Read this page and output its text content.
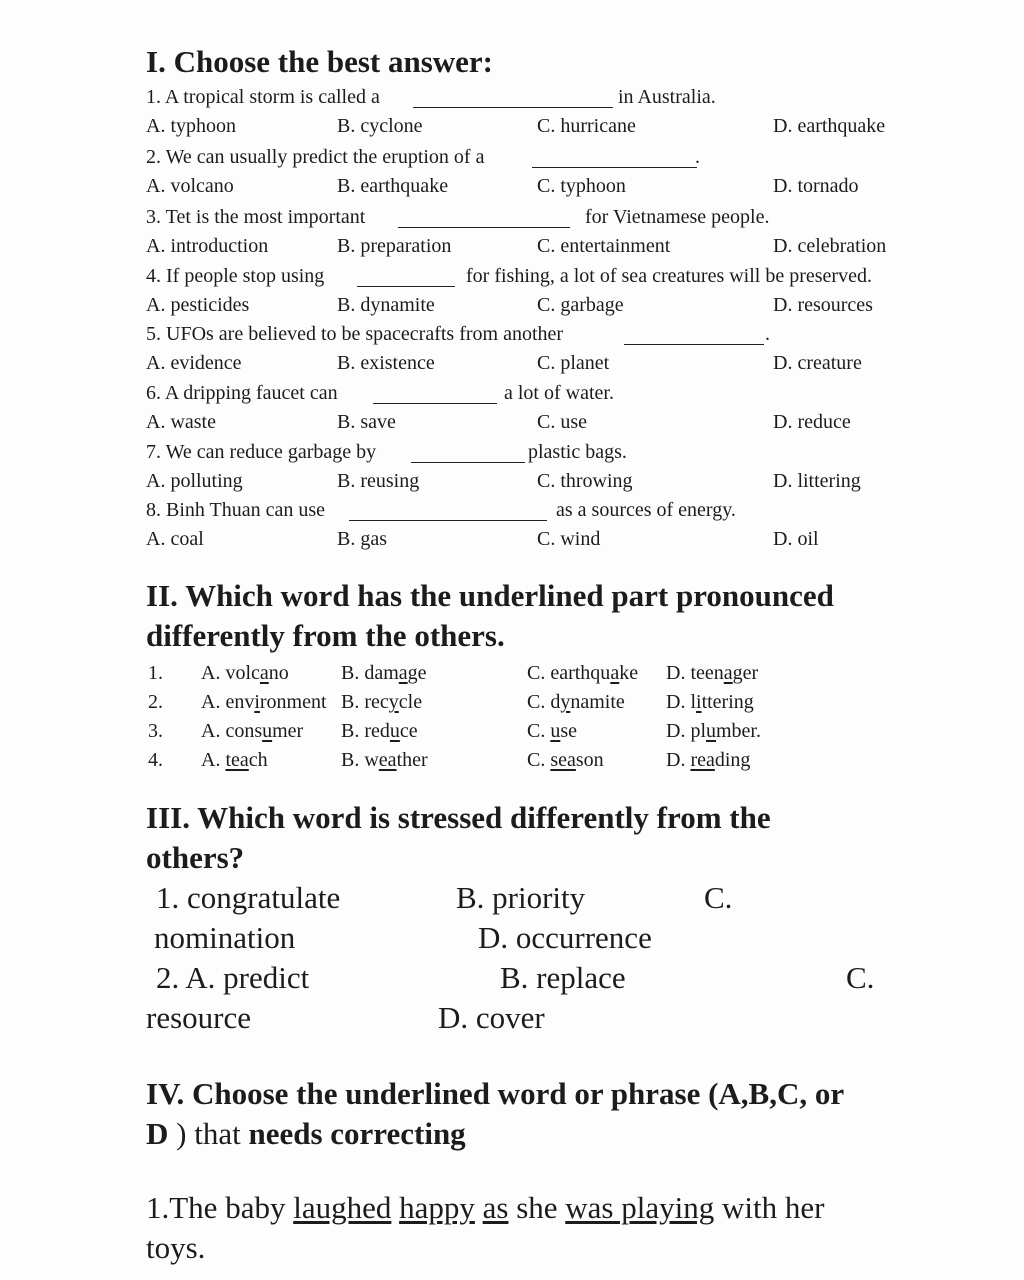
I. Choose the best answer:
1. A tropical storm is called a	in Australia.
A. typhoon	B. cyclone	C. hurricane	D. earthquake
2. We can usually predict the eruption of a	.
A. volcano	B. earthquake	C. typhoon	D. tornado
3. Tet is the most important	for Vietnamese people.
A. introduction	B. preparation	C. entertainment	D. celebration
4. If people stop using	for fishing, a lot of sea creatures will be preserved.
A. pesticides	B. dynamite	C. garbage	D. resources
5. UFOs are believed to be spacecrafts from another	.
A. evidence	B. existence	C. planet	D. creature
6. A dripping faucet can	a lot of water.
A. waste	B. save	C. use	D. reduce
7. We can reduce garbage by	plastic bags.
A. polluting	B. reusing	C. throwing	D. littering
8. Binh Thuan can use	as a sources of energy.
A. coal	B. gas	C. wind	D. oil
II. Which word has the underlined part pronounced
differently from the others.
1. A. volcano	B. damage	C. earthquake D. teenager
2. A. environment B. recycle	C. dynamite D. littering
3. A. consumer B. reduce	C. use	D. plumber.
4. A. teach	B. weather	C. season	D. reading
III. Which word is stressed differently from the
others?
1. congratulate	B. priority	C.
nomination	D. occurrence
2. A. predict	B. replace	C.
resource	D. cover
IV. Choose the underlined word or phrase (A,B,C, or
D ) that needs correcting
1.The baby laughed happy as she was playing with her
toys.
